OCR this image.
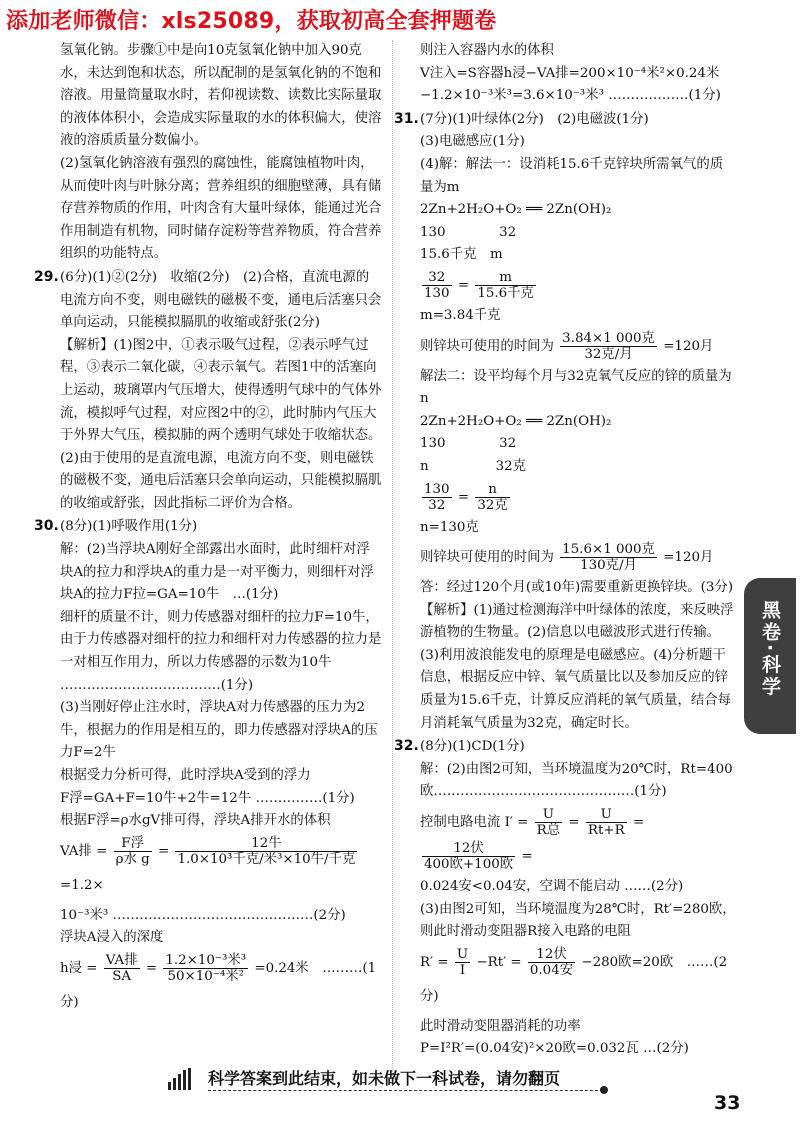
添加老师微信：xls25089，获取初高全套押题卷

氢氧化钠。步骤①中是向10克氢氧化钠中加入90克水，未达到饱和状态，所以配制的是氢氧化钠的不饱和溶液。用量筒量取水时，若仰视读数、读数比实际量取的液体体积小，会造成实际量取的水的体积偏大，使溶液的溶质质量分数偏小。

(2)氢氧化钠溶液有强烈的腐蚀性，能腐蚀植物叶肉，从而使叶肉与叶脉分离；营养组织的细胞壁薄，具有储存营养物质的作用，叶肉含有大量叶绿体，能通过光合作用制造有机物，同时储存淀粉等营养物质，符合营养组织的功能特点。

29.(6分)(1)②(2分)　收缩(2分)　(2)合格，直流电源的电流方向不变，则电磁铁的磁极不变，通电后活塞只会单向运动，只能模拟膈肌的收缩或舒张(2分)

【解析】(1)图2中，①表示吸气过程，②表示呼气过程，③表示二氧化碳，④表示氧气。若图1中的活塞向上运动，玻璃罩内气压增大，使得透明气球中的气体外流，模拟呼气过程，对应图2中的②，此时肺内气压大于外界大气压，模拟肺的两个透明气球处于收缩状态。(2)由于使用的是直流电源，电流方向不变，则电磁铁的磁极不变，通电后活塞只会单向运动，只能模拟膈肌的收缩或舒张，因此指标二评价为合格。

30.(8分)(1)呼吸作用(1分)

解：(2)当浮块A刚好全部露出水面时，此时细杆对浮块A的拉力和浮块A的重力是一对平衡力，则细杆对浮块A的拉力F拉=GA=10牛　…(1分)

细杆的质量不计，则力传感器对细杆的拉力F=10牛，由于力传感器对细杆的拉力和细杆对力传感器的拉力是一对相互作用力，所以力传感器的示数为10牛 ………………………………(1分)

(3)当刚好停止注水时，浮块A对力传感器的压力为2牛，根据力的作用是相互的，即力传感器对浮块A的压力F=2牛

根据受力分析可得，此时浮块A受到的浮力

F浮=GA+F=10牛+2牛=12牛 ……………(1分)

根据F浮=ρ水gV排可得，浮块A排开水的体积

VA排 = $\frac{\text{F浮}}{\text{ρ水 g}} = \frac{\text{12牛}}{\text{1.0×10³千克/米³×10牛/千克}}$
=1.2×

10⁻³米³ ………………………………………(2分)

浮块A浸入的深度

h浸 = $\frac{\text{VA排}}{SA} = \frac{\text{1.2×10⁻³米³}}{\text{50×10⁻⁴米²}} =0.24$米　………(1分)

则注入容器内水的体积

V注入=S容器h浸−VA排=200×10⁻⁴米²×0.24米−1.2×10⁻³米³=3.6×10⁻³米³ ………………(1分)

31.(7分)(1)叶绿体(2分)　(2)电磁波(1分)

(3)电磁感应(1分)

(4)解：解法一：设消耗15.6千克锌块所需氧气的质量为m

2Zn+2H₂O+O₂ ══ 2Zn(OH)₂

130　　　　32

15.6千克　m

$\frac{32}{130} = \frac{m}{\text{15.6千克}}$

m=3.84千克

则锌块可使用的时间为 $\frac{\text{3.84×1 000克}}{\text{32克/月}} =120$月

解法二：设平均每个月与32克氧气反应的锌的质量为n

2Zn+2H₂O+O₂ ══ 2Zn(OH)₂

130　　　　32

n　　　　　32克

$\frac{130}{32} = \frac{n}{\text{32克}}$

n=130克

则锌块可使用的时间为 $\frac{\text{15.6×1 000克}}{\text{130克/月}} =120$月

答：经过120个月(或10年)需要重新更换锌块。(3分)

【解析】(1)通过检测海洋中叶绿体的浓度，来反映浮游植物的生物量。(2)信息以电磁波形式进行传输。(3)利用波浪能发电的原理是电磁感应。(4)分析题干信息，根据反应中锌、氧气质量比以及参加反应的锌质量为15.6千克，计算反应消耗的氧气质量，结合每月消耗氧气质量为32克，确定时长。

32.(8分)(1)CD(1分)

解：(2)由图2可知，当环境温度为20℃时，Rt=400欧………………………………………(1分)

控制电路电流 $I' = \frac{U}{\text{R总}} = \frac{U}{Rt+R}$ =
$\frac{\text{12伏}}{\text{400欧+100欧}}$ =

0.024安<0.04安，空调不能启动 ……(2分)

(3)由图2可知，当环境温度为28℃时，Rt′=280欧，则此时滑动变阻器R接入电路的电阻

$R' = \frac{U}{I} -Rt' = \frac{\text{12伏}}{\text{0.04安}} -280$欧=20欧　……(2分)

此时滑动变阻器消耗的功率

P=I²R′=(0.04安)²×20欧=0.032瓦 …(2分)

黑卷·科学
科学答案到此结束，如未做下一科试卷，请勿翻页
33
